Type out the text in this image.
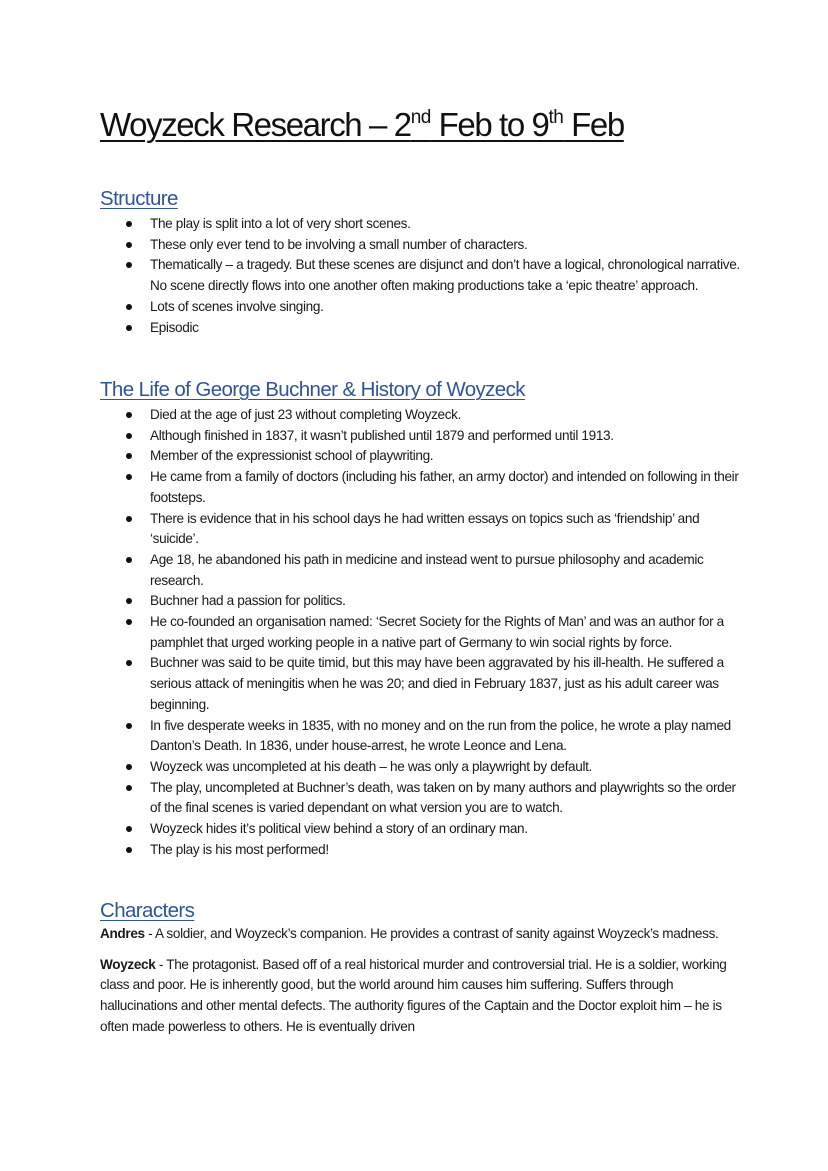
Woyzeck Research – 2nd Feb to 9th Feb
Structure
The play is split into a lot of very short scenes.
These only ever tend to be involving a small number of characters.
Thematically – a tragedy. But these scenes are disjunct and don’t have a logical, chronological narrative. No scene directly flows into one another often making productions take a ‘epic theatre’ approach.
Lots of scenes involve singing.
Episodic
The Life of George Buchner & History of Woyzeck
Died at the age of just 23 without completing Woyzeck.
Although finished in 1837, it wasn’t published until 1879 and performed until 1913.
Member of the expressionist school of playwriting.
He came from a family of doctors (including his father, an army doctor) and intended on following in their footsteps.
There is evidence that in his school days he had written essays on topics such as ‘friendship’ and ‘suicide’.
Age 18, he abandoned his path in medicine and instead went to pursue philosophy and academic research.
Buchner had a passion for politics.
He co-founded an organisation named: ‘Secret Society for the Rights of Man’ and was an author for a pamphlet that urged working people in a native part of Germany to win social rights by force.
Buchner was said to be quite timid, but this may have been aggravated by his ill-health. He suffered a serious attack of meningitis when he was 20; and died in February 1837, just as his adult career was beginning.
In five desperate weeks in 1835, with no money and on the run from the police, he wrote a play named Danton’s Death. In 1836, under house-arrest, he wrote Leonce and Lena.
Woyzeck was uncompleted at his death – he was only a playwright by default.
The play, uncompleted at Buchner’s death, was taken on by many authors and playwrights so the order of the final scenes is varied dependant on what version you are to watch.
Woyzeck hides it’s political view behind a story of an ordinary man.
The play is his most performed!
Characters

Andres - A soldier, and Woyzeck’s companion. He provides a contrast of sanity against Woyzeck’s madness.

Woyzeck - The protagonist. Based off of a real historical murder and controversial trial. He is a soldier, working class and poor. He is inherently good, but the world around him causes him suffering. Suffers through hallucinations and other mental defects. The authority figures of the Captain and the Doctor exploit him – he is often made powerless to others. He is eventually driven
